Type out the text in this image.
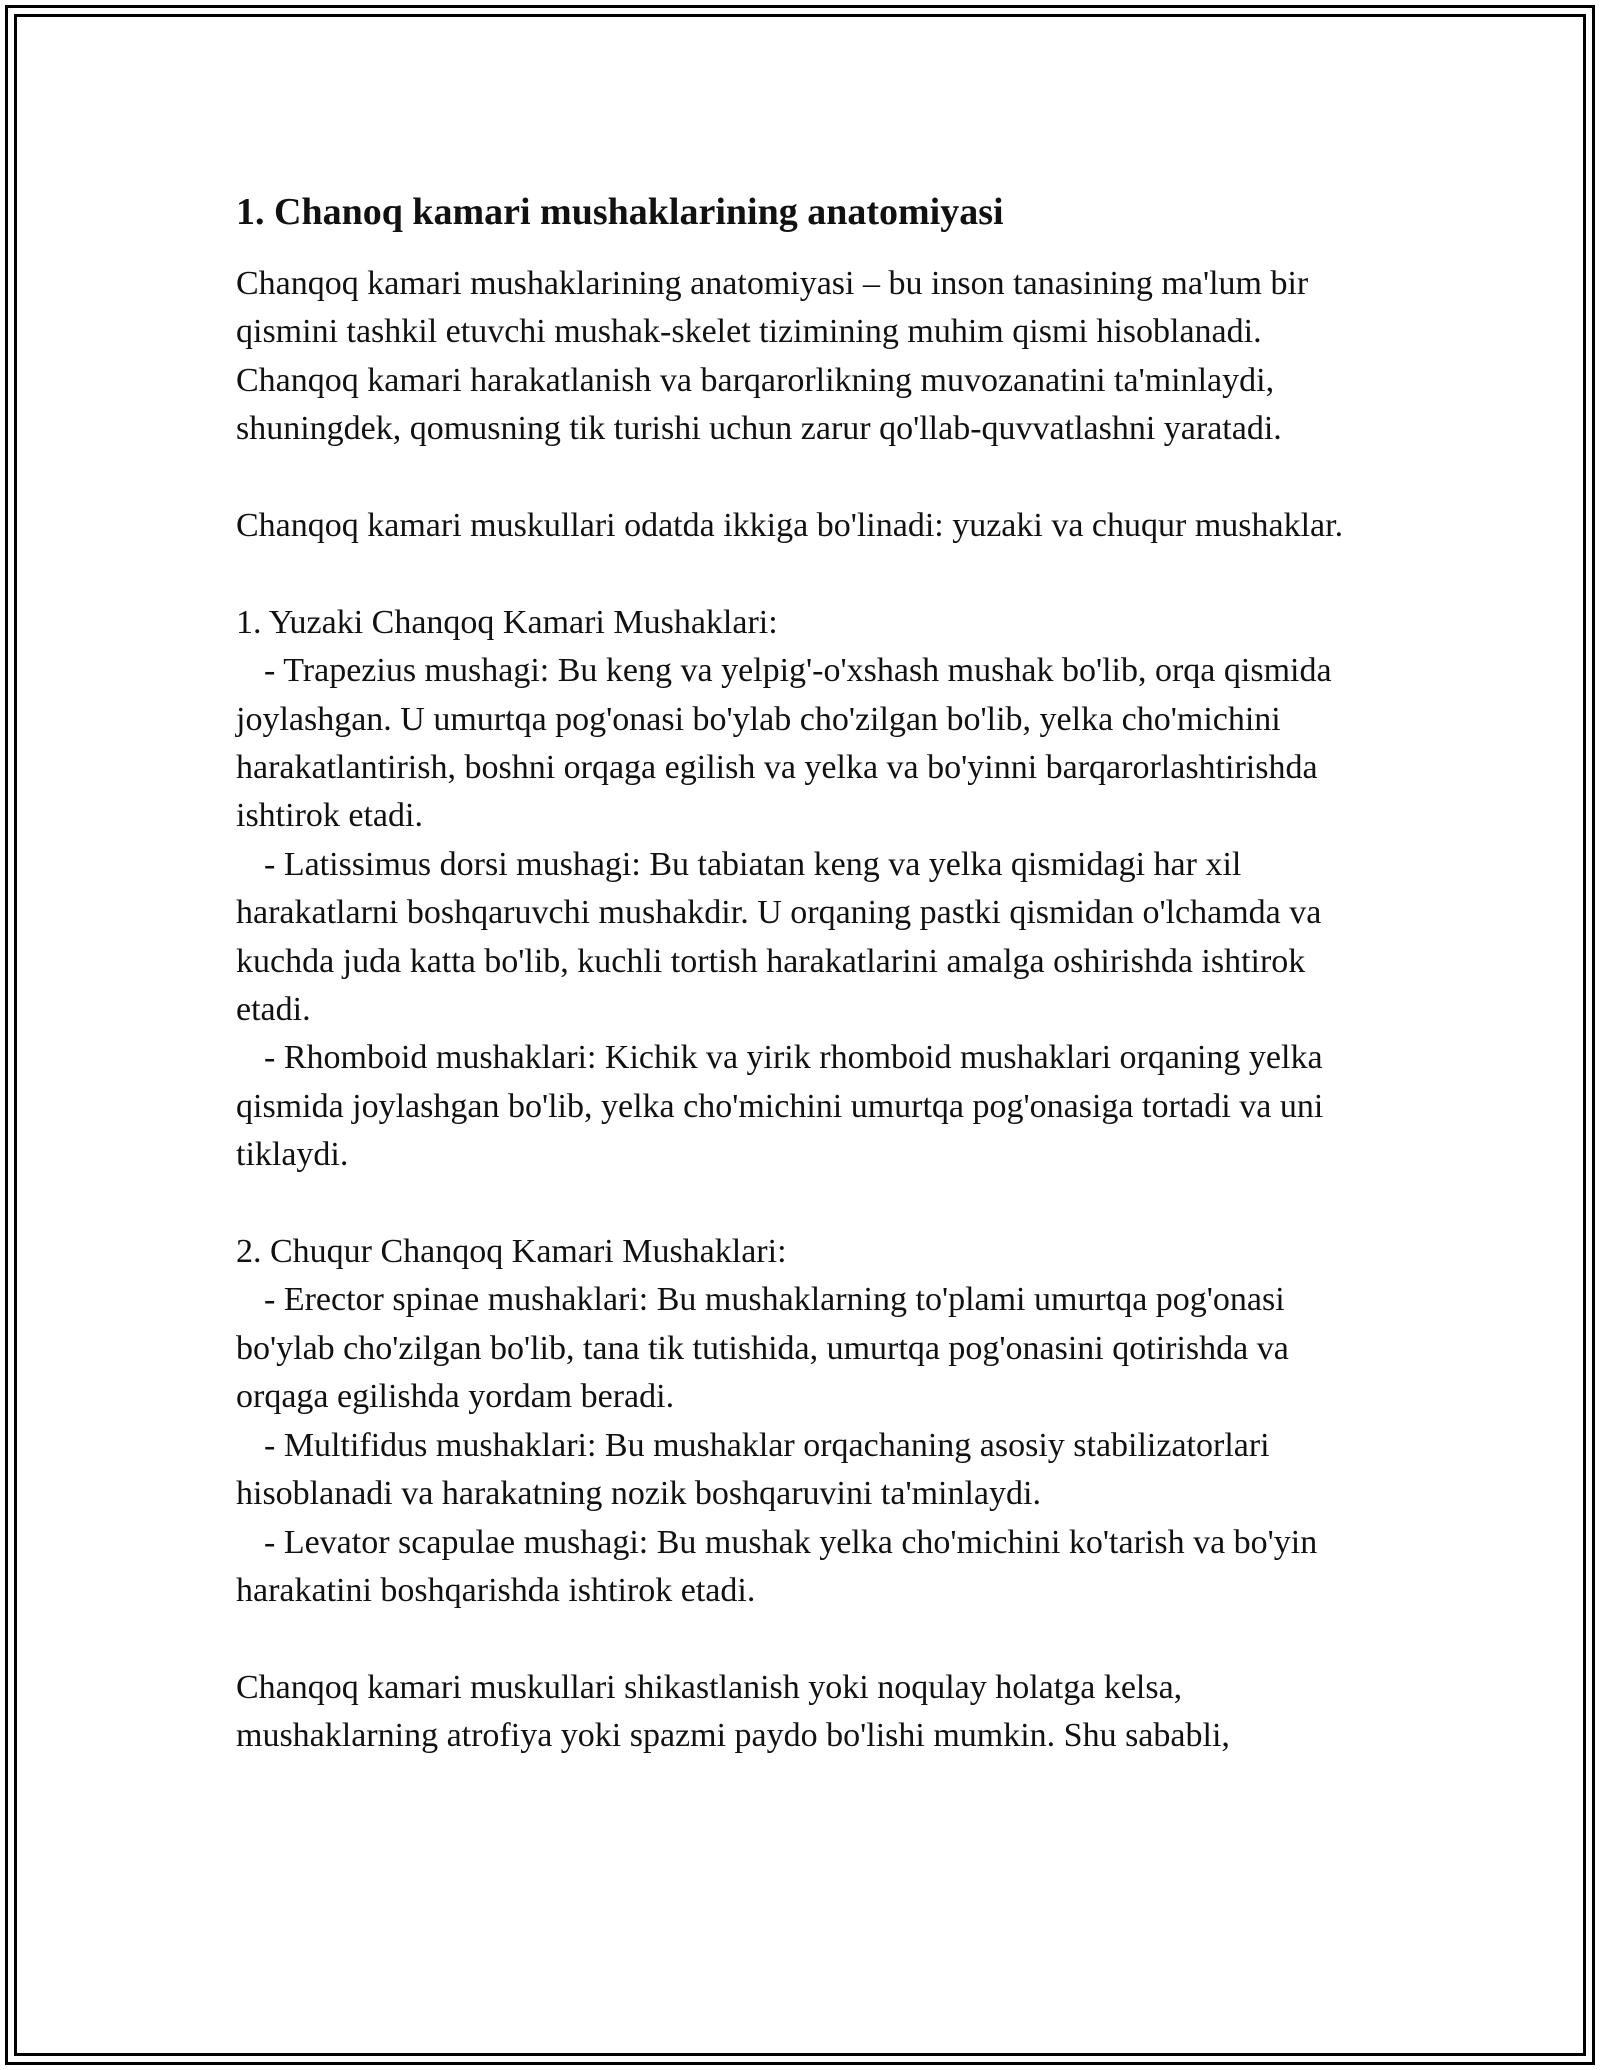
1. Chanoq kamari mushaklarining anatomiyasi

Chanqoq kamari mushaklarining anatomiyasi – bu inson tanasining ma'lum bir qismini tashkil etuvchi mushak-skelet tizimining muhim qismi hisoblanadi. Chanqoq kamari harakatlanish va barqarorlikning muvozanatini ta'minlaydi, shuningdek, qomusning tik turishi uchun zarur qo'llab-quvvatlashni yaratadi.

Chanqoq kamari muskullari odatda ikkiga bo'linadi: yuzaki va chuqur mushaklar.

1. Yuzaki Chanqoq Kamari Mushaklari:

- Trapezius mushagi: Bu keng va yelpig'-o'xshash mushak bo'lib, orqa qismida joylashgan. U umurtqa pog'onasi bo'ylab cho'zilgan bo'lib, yelka cho'michini harakatlantirish, boshni orqaga egilish va yelka va bo'yinni barqarorlashtirishda ishtirok etadi.

- Latissimus dorsi mushagi: Bu tabiatan keng va yelka qismidagi har xil harakatlarni boshqaruvchi mushakdir. U orqaning pastki qismidan o'lchamda va kuchda juda katta bo'lib, kuchli tortish harakatlarini amalga oshirishda ishtirok etadi.

- Rhomboid mushaklari: Kichik va yirik rhomboid mushaklari orqaning yelka qismida joylashgan bo'lib, yelka cho'michini umurtqa pog'onasiga tortadi va uni tiklaydi.

2. Chuqur Chanqoq Kamari Mushaklari:

- Erector spinae mushaklari: Bu mushaklarning to'plami umurtqa pog'onasi bo'ylab cho'zilgan bo'lib, tana tik tutishida, umurtqa pog'onasini qotirishda va orqaga egilishda yordam beradi.

- Multifidus mushaklari: Bu mushaklar orqachaning asosiy stabilizatorlari hisoblanadi va harakatning nozik boshqaruvini ta'minlaydi.

- Levator scapulae mushagi: Bu mushak yelka cho'michini ko'tarish va bo'yin harakatini boshqarishda ishtirok etadi.

Chanqoq kamari muskullari shikastlanish yoki noqulay holatga kelsa, mushaklarning atrofiya yoki spazmi paydo bo'lishi mumkin. Shu sababli,
